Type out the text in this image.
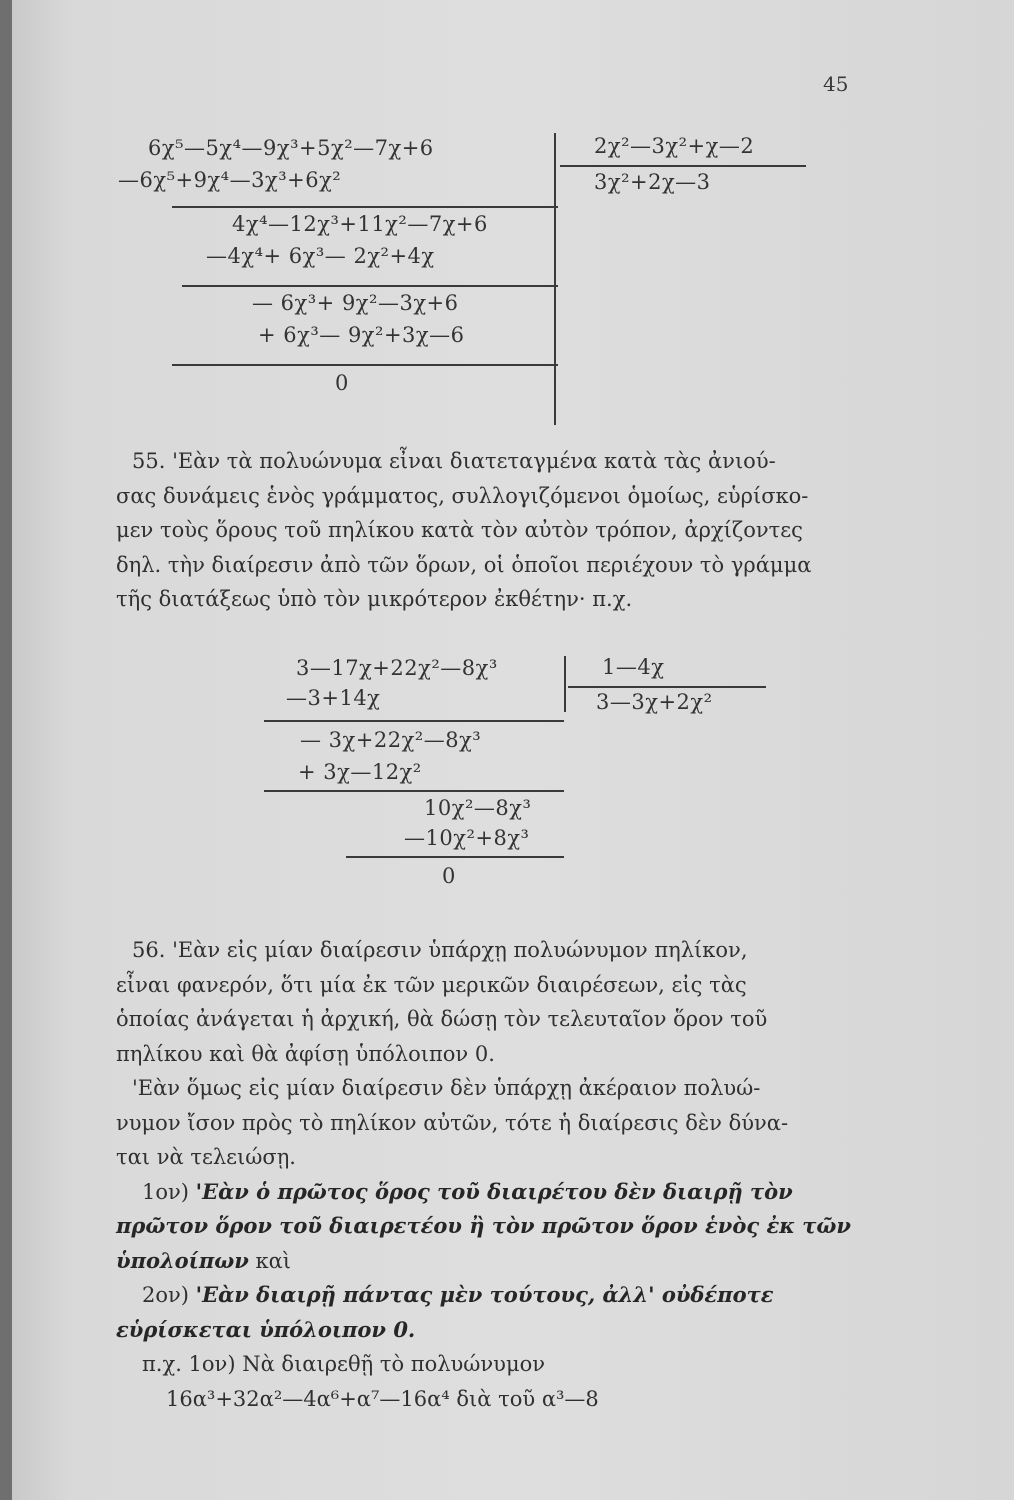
45
6χ⁵—5χ⁴—9χ³+5χ²—7χ+6
—6χ⁵+9χ⁴—3χ³+6χ²
4χ⁴—12χ³+11χ²—7χ+6
—4χ⁴+ 6χ³— 2χ²+4χ
— 6χ³+ 9χ²—3χ+6
+ 6χ³— 9χ²+3χ—6
0
2χ²—3χ²+χ—2
3χ²+2χ—3
55. 'Εὰν τὰ πολυώνυμα εἶναι διατεταγμένα κατὰ τὰς ἀνιού-
σας δυνάμεις ἑνὸς γράμματος, συλλογιζόμενοι ὁμοίως, εὑρίσκο-
μεν τοὺς ὅρους τοῦ πηλίκου κατὰ τὸν αὐτὸν τρόπον, ἀρχίζοντες
δηλ. τὴν διαίρεσιν ἀπὸ τῶν ὅρων, οἱ ὁποῖοι περιέχουν τὸ γράμμα
τῆς διατάξεως ὑπὸ τὸν μικρότερον ἐκθέτην· π.χ.
3—17χ+22χ²—8χ³
—3+14χ
— 3χ+22χ²—8χ³
+ 3χ—12χ²
10χ²—8χ³
—10χ²+8χ³
0
1—4χ
3—3χ+2χ²
56. 'Εὰν εἰς μίαν διαίρεσιν ὑπάρχῃ πολυώνυμον πηλίκον,
εἶναι φανερόν, ὅτι μία ἐκ τῶν μερικῶν διαιρέσεων, εἰς τὰς
ὁποίας ἀνάγεται ἡ ἀρχική, θὰ δώσῃ τὸν τελευταῖον ὅρον τοῦ
πηλίκου καὶ θὰ ἀφίσῃ ὑπόλοιπον 0.
'Εὰν ὅμως εἰς μίαν διαίρεσιν δὲν ὑπάρχῃ ἀκέραιον πολυώ-
νυμον ἴσον πρὸς τὸ πηλίκον αὐτῶν, τότε ἡ διαίρεσις δὲν δύνα-
ται νὰ τελειώσῃ.
1ον) 'Εὰν ὁ πρῶτος ὅρος τοῦ διαιρέτου δὲν διαιρῇ τὸν
πρῶτον ὅρον τοῦ διαιρετέου ἢ τὸν πρῶτον ὅρον ἑνὸς ἐκ τῶν
ὑπολοίπων καὶ
2ον) 'Εὰν διαιρῇ πάντας μὲν τούτους, ἀλλ' οὐδέποτε
εὑρίσκεται ὑπόλοιπον 0.
π.χ. 1ον) Νὰ διαιρεθῇ τὸ πολυώνυμον
16α³+32α²—4α⁶+α⁷—16α⁴ διὰ τοῦ α³—8
